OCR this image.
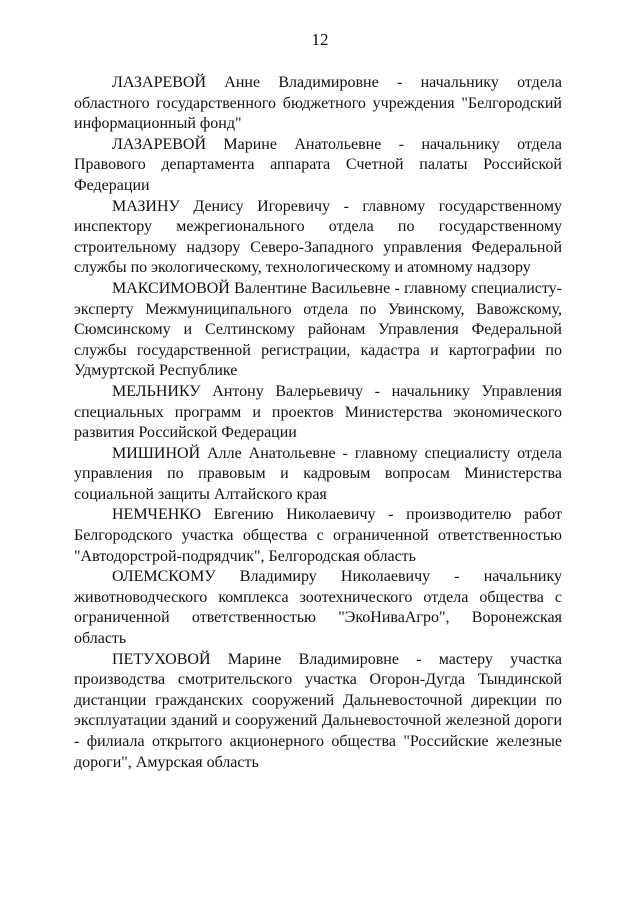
12

ЛАЗАРЕВОЙ Анне Владимировне - начальнику отдела областного государственного бюджетного учреждения "Белгородский информационный фонд"

ЛАЗАРЕВОЙ Марине Анатольевне - начальнику отдела Правового департамента аппарата Счетной палаты Российской Федерации

МАЗИНУ Денису Игоревичу - главному государственному инспектору межрегионального отдела по государственному строительному надзору Северо-Западного управления Федеральной службы по экологическому, технологическому и атомному надзору

МАКСИМОВОЙ Валентине Васильевне - главному специалисту-эксперту Межмуниципального отдела по Увинскому, Вавожскому, Сюмсинскому и Селтинскому районам Управления Федеральной службы государственной регистрации, кадастра и картографии по Удмуртской Республике

МЕЛЬНИКУ Антону Валерьевичу - начальнику Управления специальных программ и проектов Министерства экономического развития Российской Федерации

МИШИНОЙ Алле Анатольевне - главному специалисту отдела управления по правовым и кадровым вопросам Министерства социальной защиты Алтайского края

НЕМЧЕНКО Евгению Николаевичу - производителю работ Белгородского участка общества с ограниченной ответственностью "Автодорстрой-подрядчик", Белгородская область

ОЛЕМСКОМУ Владимиру Николаевичу - начальнику животноводческого комплекса зоотехнического отдела общества с ограниченной ответственностью "ЭкоНиваАгро", Воронежская область

ПЕТУХОВОЙ Марине Владимировне - мастеру участка производства смотрительского участка Огорон-Дугда Тындинской дистанции гражданских сооружений Дальневосточной дирекции по эксплуатации зданий и сооружений Дальневосточной железной дороги - филиала открытого акционерного общества "Российские железные дороги", Амурская область
